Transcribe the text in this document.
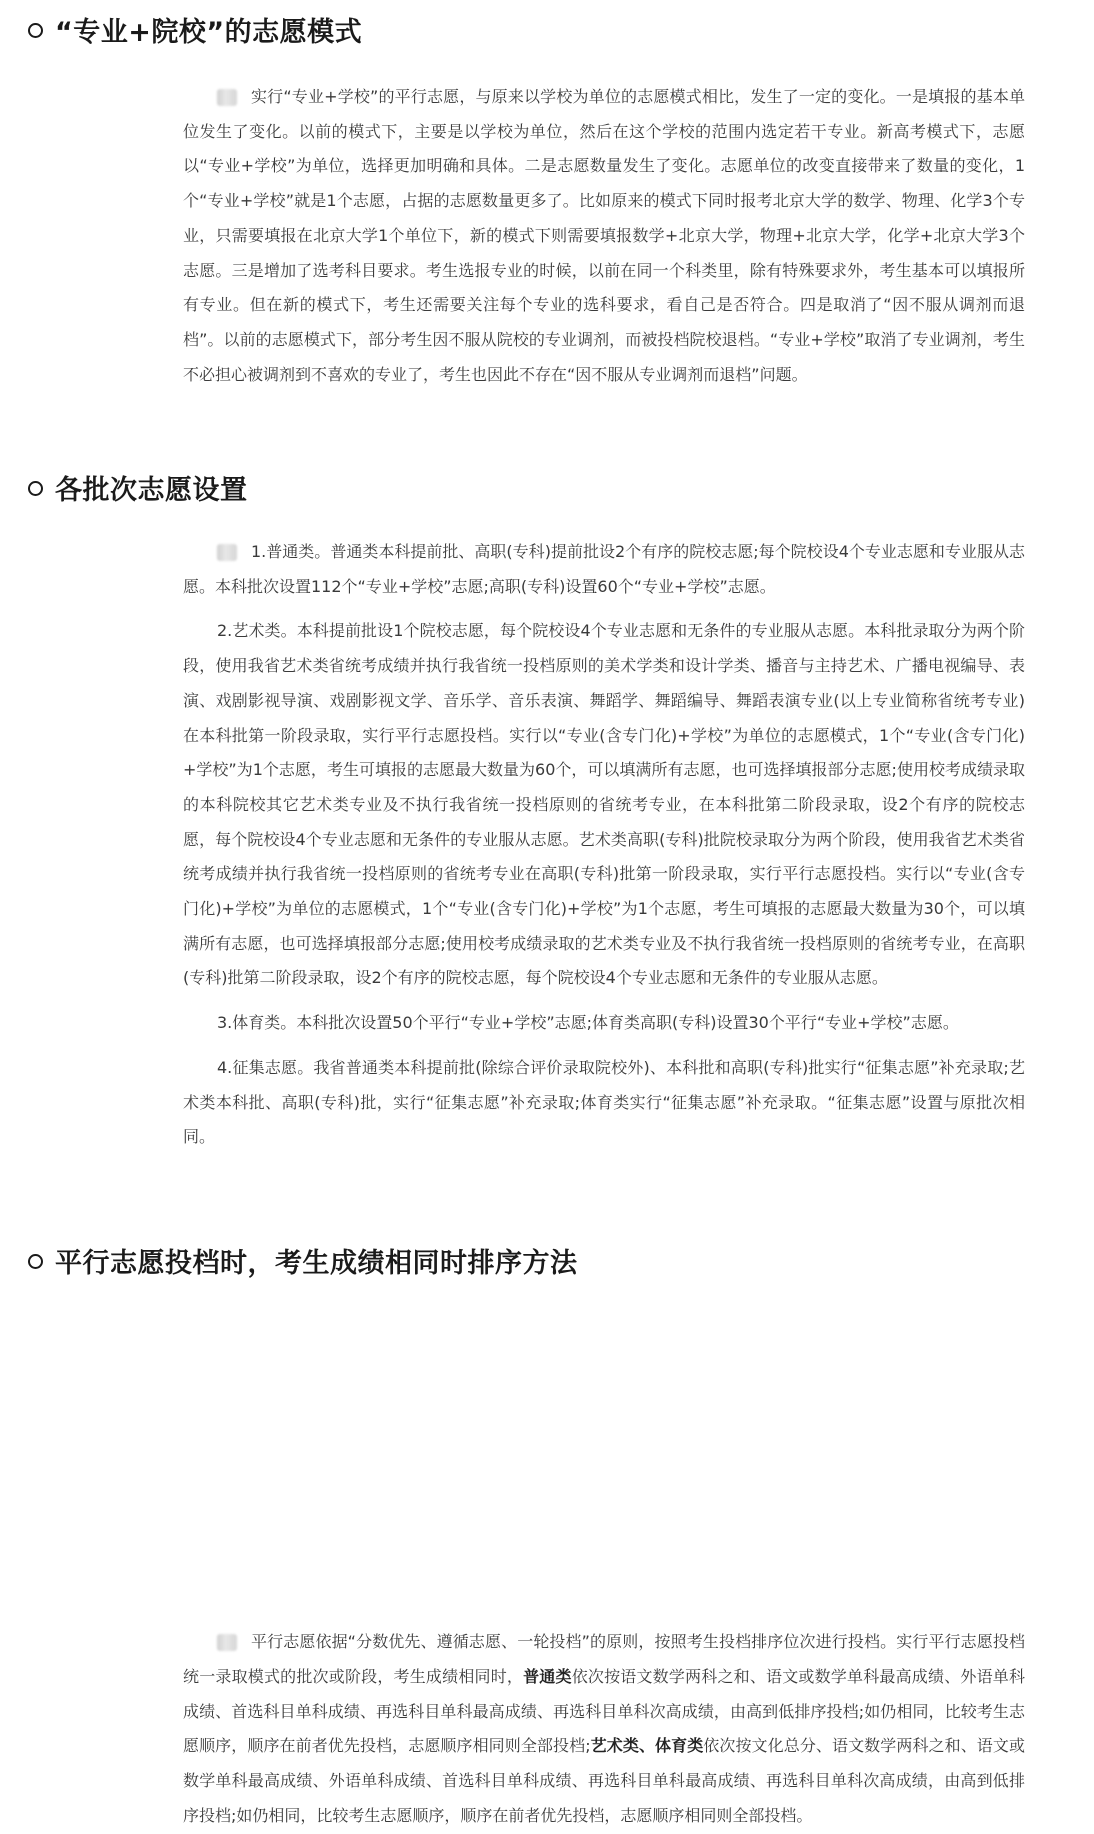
“专业+院校”的志愿模式

实行“专业+学校”的平行志愿，与原来以学校为单位的志愿模式相比，发生了一定的变化。一是填报的基本单位发生了变化。以前的模式下，主要是以学校为单位，然后在这个学校的范围内选定若干专业。新高考模式下，志愿以“专业+学校”为单位，选择更加明确和具体。二是志愿数量发生了变化。志愿单位的改变直接带来了数量的变化，1个“专业+学校”就是1个志愿，占据的志愿数量更多了。比如原来的模式下同时报考北京大学的数学、物理、化学3个专业，只需要填报在北京大学1个单位下，新的模式下则需要填报数学+北京大学，物理+北京大学，化学+北京大学3个志愿。三是增加了选考科目要求。考生选报专业的时候，以前在同一个科类里，除有特殊要求外，考生基本可以填报所有专业。但在新的模式下，考生还需要关注每个专业的选科要求，看自己是否符合。四是取消了“因不服从调剂而退档”。以前的志愿模式下，部分考生因不服从院校的专业调剂，而被投档院校退档。“专业+学校”取消了专业调剂，考生不必担心被调剂到不喜欢的专业了，考生也因此不存在“因不服从专业调剂而退档”问题。

各批次志愿设置

1.普通类。普通类本科提前批、高职(专科)提前批设2个有序的院校志愿;每个院校设4个专业志愿和专业服从志愿。本科批次设置112个“专业+学校”志愿;高职(专科)设置60个“专业+学校”志愿。

2.艺术类。本科提前批设1个院校志愿，每个院校设4个专业志愿和无条件的专业服从志愿。本科批录取分为两个阶段，使用我省艺术类省统考成绩并执行我省统一投档原则的美术学类和设计学类、播音与主持艺术、广播电视编导、表演、戏剧影视导演、戏剧影视文学、音乐学、音乐表演、舞蹈学、舞蹈编导、舞蹈表演专业(以上专业简称省统考专业)在本科批第一阶段录取，实行平行志愿投档。实行以“专业(含专门化)+学校”为单位的志愿模式，1个“专业(含专门化)+学校”为1个志愿，考生可填报的志愿最大数量为60个，可以填满所有志愿，也可选择填报部分志愿;使用校考成绩录取的本科院校其它艺术类专业及不执行我省统一投档原则的省统考专业，在本科批第二阶段录取，设2个有序的院校志愿，每个院校设4个专业志愿和无条件的专业服从志愿。艺术类高职(专科)批院校录取分为两个阶段，使用我省艺术类省统考成绩并执行我省统一投档原则的省统考专业在高职(专科)批第一阶段录取，实行平行志愿投档。实行以“专业(含专门化)+学校”为单位的志愿模式，1个“专业(含专门化)+学校”为1个志愿，考生可填报的志愿最大数量为30个，可以填满所有志愿，也可选择填报部分志愿;使用校考成绩录取的艺术类专业及不执行我省统一投档原则的省统考专业，在高职(专科)批第二阶段录取，设2个有序的院校志愿，每个院校设4个专业志愿和无条件的专业服从志愿。

3.体育类。本科批次设置50个平行“专业+学校”志愿;体育类高职(专科)设置30个平行“专业+学校”志愿。

4.征集志愿。我省普通类本科提前批(除综合评价录取院校外)、本科批和高职(专科)批实行“征集志愿”补充录取;艺术类本科批、高职(专科)批，实行“征集志愿”补充录取;体育类实行“征集志愿”补充录取。“征集志愿”设置与原批次相同。

平行志愿投档时，考生成绩相同时排序方法

平行志愿依据“分数优先、遵循志愿、一轮投档”的原则，按照考生投档排序位次进行投档。实行平行志愿投档统一录取模式的批次或阶段，考生成绩相同时，普通类依次按语文数学两科之和、语文或数学单科最高成绩、外语单科成绩、首选科目单科成绩、再选科目单科最高成绩、再选科目单科次高成绩，由高到低排序投档;如仍相同，比较考生志愿顺序，顺序在前者优先投档，志愿顺序相同则全部投档;艺术类、体育类依次按文化总分、语文数学两科之和、语文或数学单科最高成绩、外语单科成绩、首选科目单科成绩、再选科目单科最高成绩、再选科目单科次高成绩，由高到低排序投档;如仍相同，比较考生志愿顺序，顺序在前者优先投档，志愿顺序相同则全部投档。
